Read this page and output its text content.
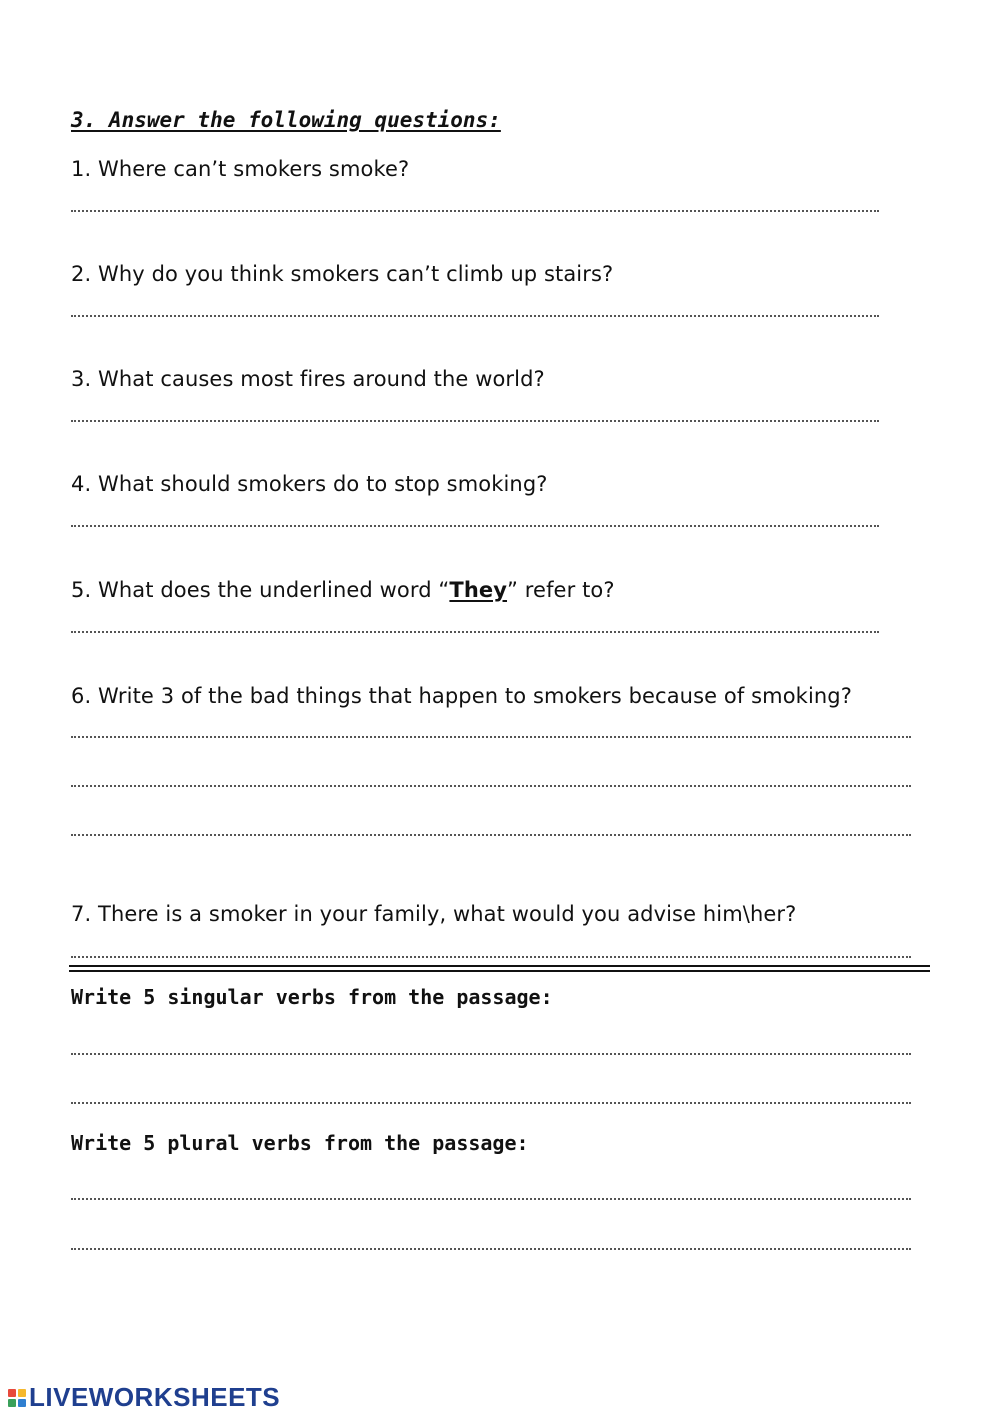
3. Answer the following questions:
1. Where can’t smokers smoke?
2. Why do you think smokers can’t climb up stairs?
3. What causes most fires around the world?
4. What should smokers do to stop smoking?
5. What does the underlined word “They” refer to?
6. Write 3 of the bad things that happen to smokers because of smoking?
7. There is a smoker in your family, what would you advise him\her?
Write 5 singular verbs from the passage:
Write 5 plural verbs from the passage:
LIVEWORKSHEETS
